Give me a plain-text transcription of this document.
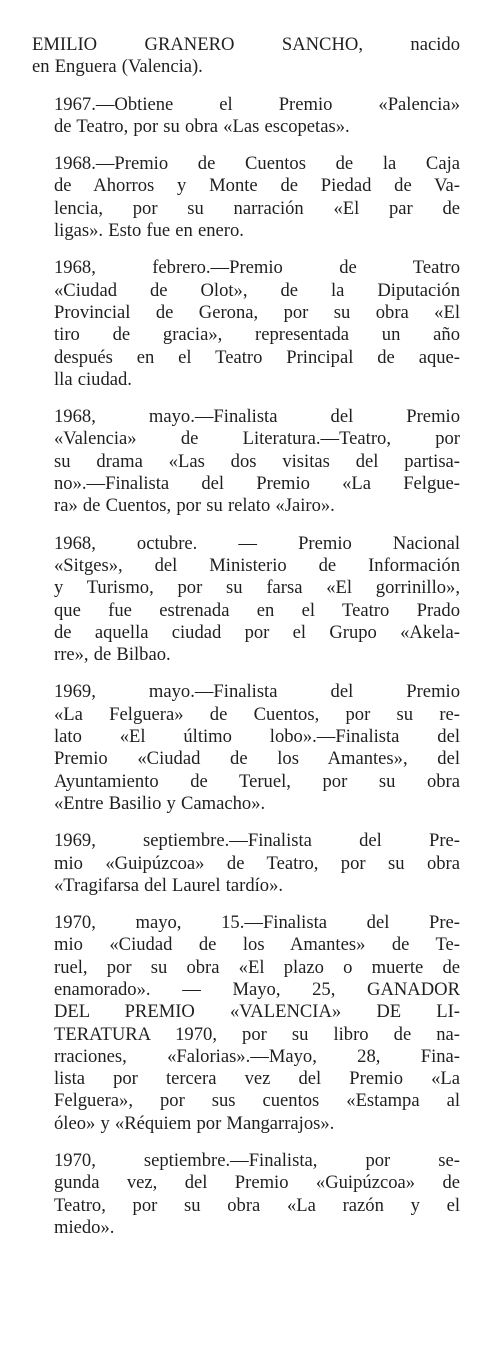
EMILIO GRANERO SANCHO, nacido
en Enguera (Valencia).

1967.—Obtiene el Premio «Palencia»
de Teatro, por su obra «Las escopetas».

1968.—Premio de Cuentos de la Caja
de Ahorros y Monte de Piedad de Va-
lencia, por su narración «El par de
ligas». Esto fue en enero.

1968, febrero.—Premio de Teatro
«Ciudad de Olot», de la Diputación
Provincial de Gerona, por su obra «El
tiro de gracia», representada un año
después en el Teatro Principal de aque-
lla ciudad.

1968, mayo.—Finalista del Premio
«Valencia» de Literatura.—Teatro, por
su drama «Las dos visitas del partisa-
no».—Finalista del Premio «La Felgue-
ra» de Cuentos, por su relato «Jairo».

1968, octubre. — Premio Nacional
«Sitges», del Ministerio de Información
y Turismo, por su farsa «El gorrinillo»,
que fue estrenada en el Teatro Prado
de aquella ciudad por el Grupo «Akela-
rre», de Bilbao.

1969, mayo.—Finalista del Premio
«La Felguera» de Cuentos, por su re-
lato «El último lobo».—Finalista del
Premio «Ciudad de los Amantes», del
Ayuntamiento de Teruel, por su obra
«Entre Basilio y Camacho».

1969, septiembre.—Finalista del Pre-
mio «Guipúzcoa» de Teatro, por su obra
«Tragifarsa del Laurel tardío».

1970, mayo, 15.—Finalista del Pre-
mio «Ciudad de los Amantes» de Te-
ruel, por su obra «El plazo o muerte de
enamorado». — Mayo, 25, GANADOR
DEL PREMIO «VALENCIA» DE LI-
TERATURA 1970, por su libro de na-
rraciones, «Falorias».—Mayo, 28, Fina-
lista por tercera vez del Premio «La
Felguera», por sus cuentos «Estampa al
óleo» y «Réquiem por Mangarrajos».

1970, septiembre.—Finalista, por se-
gunda vez, del Premio «Guipúzcoa» de
Teatro, por su obra «La razón y el
miedo».
